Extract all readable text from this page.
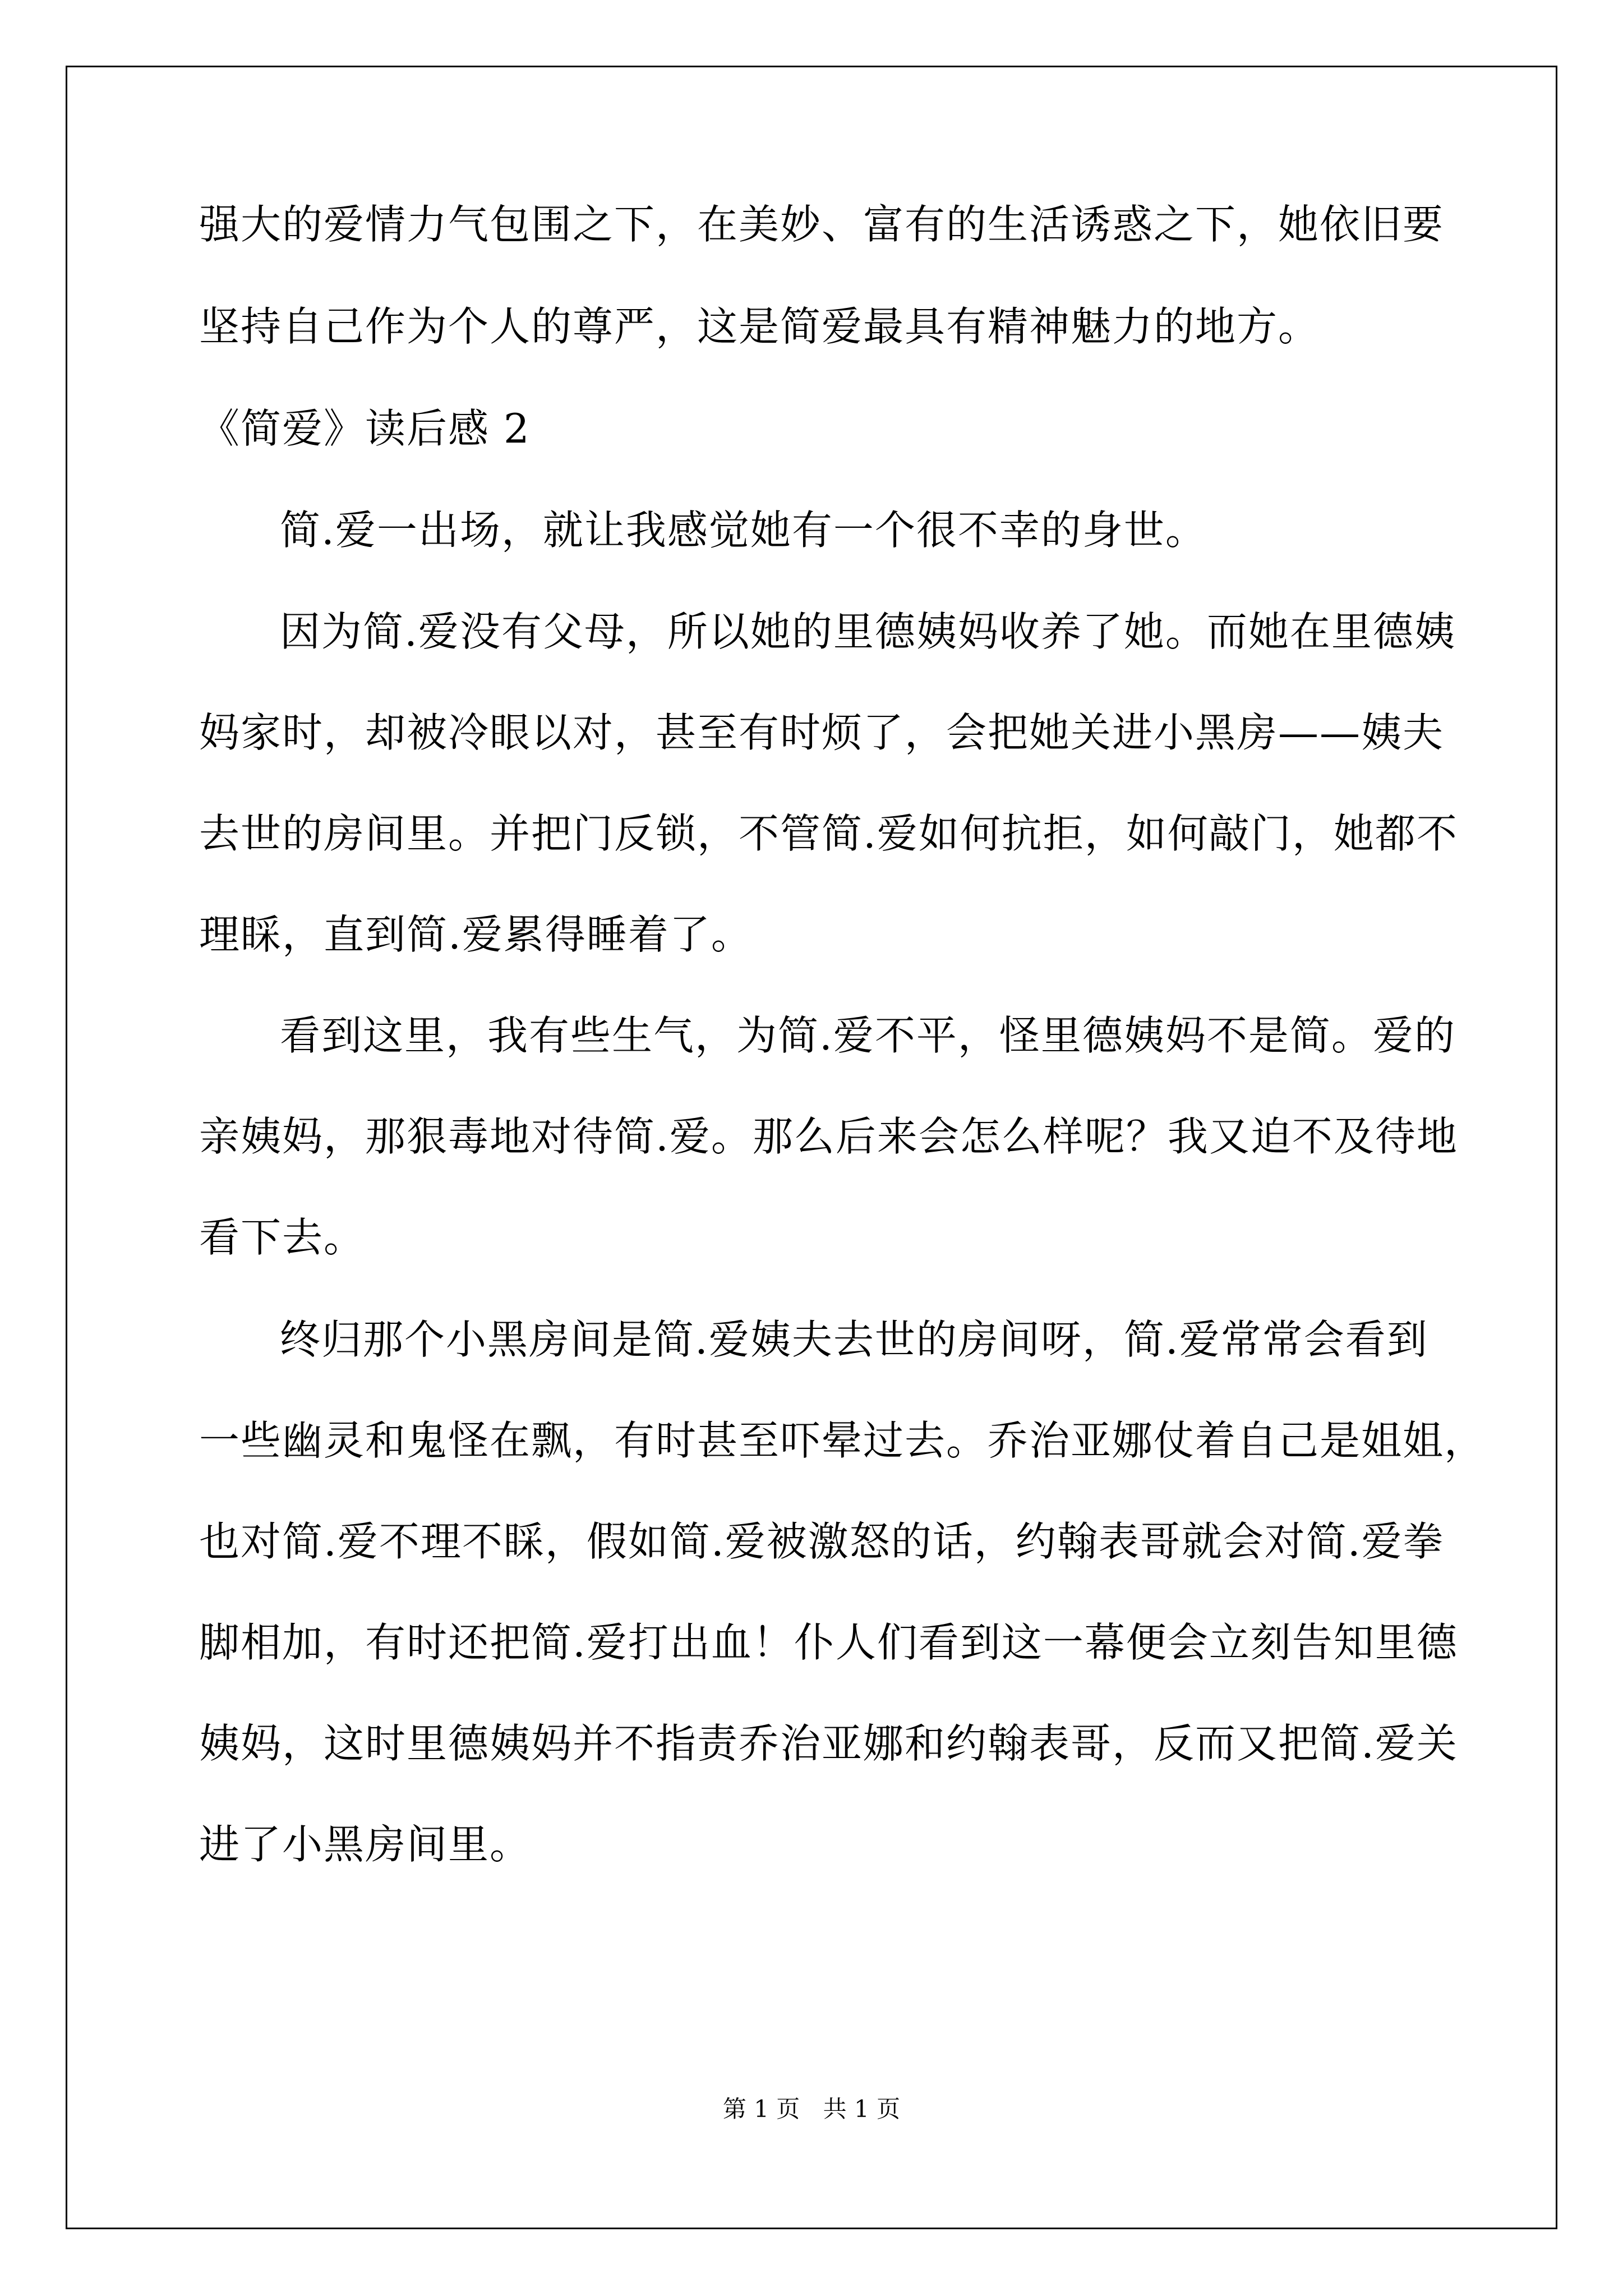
强大的爱情力气包围之下，在美妙、富有的生活诱惑之下，她依旧要
坚持自己作为个人的尊严，这是简爱最具有精神魅力的地方。
《简爱》读后感 2
简.爱一出场，就让我感觉她有一个很不幸的身世。
因为简.爱没有父母，所以她的里德姨妈收养了她。而她在里德姨
妈家时，却被冷眼以对，甚至有时烦了，会把她关进小黑房——姨夫
去世的房间里。并把门反锁，不管简.爱如何抗拒，如何敲门，她都不
理睬，直到简.爱累得睡着了。
看到这里，我有些生气，为简.爱不平，怪里德姨妈不是简。爱的
亲姨妈，那狠毒地对待简.爱。那么后来会怎么样呢？我又迫不及待地
看下去。
终归那个小黑房间是简.爱姨夫去世的房间呀，简.爱常常会看到
一些幽灵和鬼怪在飘，有时甚至吓晕过去。乔治亚娜仗着自己是姐姐，
也对简.爱不理不睬，假如简.爱被激怒的话，约翰表哥就会对简.爱拳
脚相加，有时还把简.爱打出血！仆人们看到这一幕便会立刻告知里德
姨妈，这时里德姨妈并不指责乔治亚娜和约翰表哥，反而又把简.爱关
进了小黑房间里。
第 1 页 共 1 页
